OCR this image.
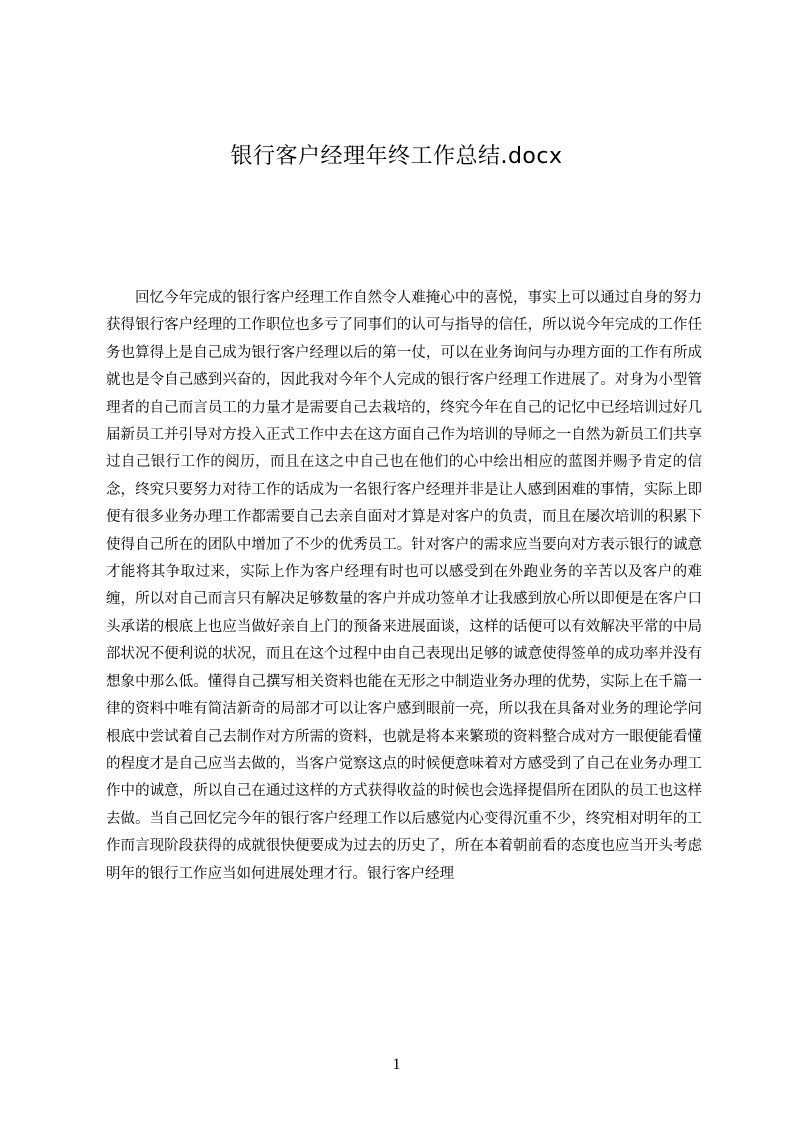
银行客户经理年终工作总结.docx

回忆今年完成的银行客户经理工作自然令人难掩心中的喜悦，事实上可以通过自身的努力获得银行客户经理的工作职位也多亏了同事们的认可与指导的信任，所以说今年完成的工作任务也算得上是自己成为银行客户经理以后的第一仗，可以在业务询问与办理方面的工作有所成就也是令自己感到兴奋的，因此我对今年个人完成的银行客户经理工作进展了。对身为小型管理者的自己而言员工的力量才是需要自己去栽培的，终究今年在自己的记忆中已经培训过好几届新员工并引导对方投入正式工作中去在这方面自己作为培训的导师之一自然为新员工们共享过自己银行工作的阅历，而且在这之中自己也在他们的心中绘出相应的蓝图并赐予肯定的信念，终究只要努力对待工作的话成为一名银行客户经理并非是让人感到困难的事情，实际上即便有很多业务办理工作都需要自己去亲自面对才算是对客户的负责，而且在屡次培训的积累下使得自己所在的团队中增加了不少的优秀员工。针对客户的需求应当要向对方表示银行的诚意才能将其争取过来，实际上作为客户经理有时也可以感受到在外跑业务的辛苦以及客户的难缠，所以对自己而言只有解决足够数量的客户并成功签单才让我感到放心所以即便是在客户口头承诺的根底上也应当做好亲自上门的预备来进展面谈，这样的话便可以有效解决平常的中局部状况不便利说的状况，而且在这个过程中由自己表现出足够的诚意使得签单的成功率并没有想象中那么低。懂得自己撰写相关资料也能在无形之中制造业务办理的优势，实际上在千篇一律的资料中唯有简洁新奇的局部才可以让客户感到眼前一亮，所以我在具备对业务的理论学问根底中尝试着自己去制作对方所需的资料，也就是将本来繁琐的资料整合成对方一眼便能看懂的程度才是自己应当去做的，当客户觉察这点的时候便意味着对方感受到了自己在业务办理工作中的诚意，所以自己在通过这样的方式获得收益的时候也会选择提倡所在团队的员工也这样去做。当自己回忆完今年的银行客户经理工作以后感觉内心变得沉重不少，终究相对明年的工作而言现阶段获得的成就很快便要成为过去的历史了，所在本着朝前看的态度也应当开头考虑明年的银行工作应当如何进展处理才行。银行客户经理

1
